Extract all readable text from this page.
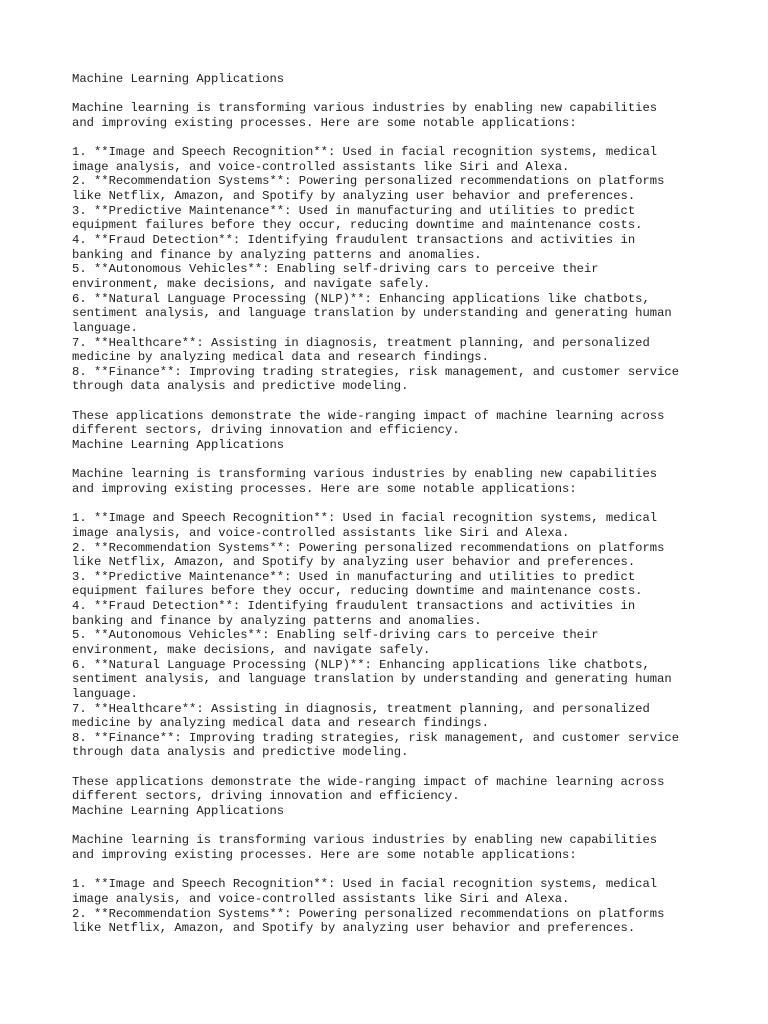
Machine Learning Applications
Machine learning is transforming various industries by enabling new capabilities
and improving existing processes. Here are some notable applications:
1. **Image and Speech Recognition**: Used in facial recognition systems, medical
image analysis, and voice-controlled assistants like Siri and Alexa.
2. **Recommendation Systems**: Powering personalized recommendations on platforms
like Netflix, Amazon, and Spotify by analyzing user behavior and preferences.
3. **Predictive Maintenance**: Used in manufacturing and utilities to predict
equipment failures before they occur, reducing downtime and maintenance costs.
4. **Fraud Detection**: Identifying fraudulent transactions and activities in
banking and finance by analyzing patterns and anomalies.
5. **Autonomous Vehicles**: Enabling self-driving cars to perceive their
environment, make decisions, and navigate safely.
6. **Natural Language Processing (NLP)**: Enhancing applications like chatbots,
sentiment analysis, and language translation by understanding and generating human
language.
7. **Healthcare**: Assisting in diagnosis, treatment planning, and personalized
medicine by analyzing medical data and research findings.
8. **Finance**: Improving trading strategies, risk management, and customer service
through data analysis and predictive modeling.
These applications demonstrate the wide-ranging impact of machine learning across
different sectors, driving innovation and efficiency.
Machine Learning Applications
Machine learning is transforming various industries by enabling new capabilities
and improving existing processes. Here are some notable applications:
1. **Image and Speech Recognition**: Used in facial recognition systems, medical
image analysis, and voice-controlled assistants like Siri and Alexa.
2. **Recommendation Systems**: Powering personalized recommendations on platforms
like Netflix, Amazon, and Spotify by analyzing user behavior and preferences.
3. **Predictive Maintenance**: Used in manufacturing and utilities to predict
equipment failures before they occur, reducing downtime and maintenance costs.
4. **Fraud Detection**: Identifying fraudulent transactions and activities in
banking and finance by analyzing patterns and anomalies.
5. **Autonomous Vehicles**: Enabling self-driving cars to perceive their
environment, make decisions, and navigate safely.
6. **Natural Language Processing (NLP)**: Enhancing applications like chatbots,
sentiment analysis, and language translation by understanding and generating human
language.
7. **Healthcare**: Assisting in diagnosis, treatment planning, and personalized
medicine by analyzing medical data and research findings.
8. **Finance**: Improving trading strategies, risk management, and customer service
through data analysis and predictive modeling.
These applications demonstrate the wide-ranging impact of machine learning across
different sectors, driving innovation and efficiency.
Machine Learning Applications
Machine learning is transforming various industries by enabling new capabilities
and improving existing processes. Here are some notable applications:
1. **Image and Speech Recognition**: Used in facial recognition systems, medical
image analysis, and voice-controlled assistants like Siri and Alexa.
2. **Recommendation Systems**: Powering personalized recommendations on platforms
like Netflix, Amazon, and Spotify by analyzing user behavior and preferences.
